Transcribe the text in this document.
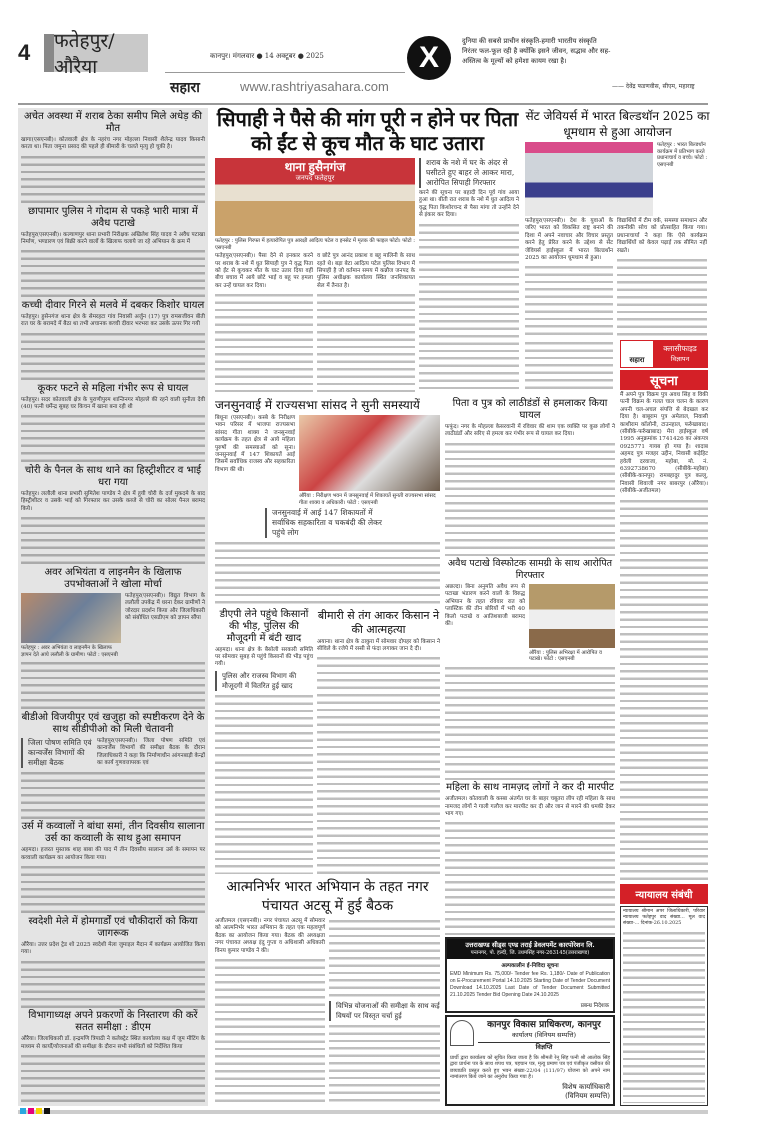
4	फतेहपुर/औरैया	कानपुर। मंगलवार ● 14 अक्टूबर ● 2025
सहारा	www.rashtriyasahara.com
X	दुनिया की सबसे प्राचीन संस्कृति-हमारी भारतीय संस्कृति निरंतर फल-फूल रही है क्योंकि इसने जीवन, सद्भाव और सह-अस्तित्व के मूल्यों को हमेशा कायम रखा है।
—— देवेंद्र फडणवीस, सीएम, महाराष्ट्र
अचेत अवस्था में शराब ठेका समीप मिले अधेड़ की मौत
खागा(एसएनबी)। कोतवाली क्षेत्र के नहरंच नगर मोहल्ला निवासी शैलेन्द्र यादव किसानी करता था। पिता जमुना प्रसाद की पहले ही बीमारी के चलते मृत्यु हो चुकी है।
छापामार पुलिस ने गोदाम से पकड़े भारी मात्रा में अवैध पटाखे
फतेहपुर(एसएनबी)। कल्याणपुर थाना प्रभारी निरीक्षक अखिलेश सिंह यादव ने अवैध पटाखा निर्माण, भण्डारण एवं बिक्री करने वालों के खिलाफ चलाये जा रहे अभियान के क्रम में
कच्ची दीवार गिरने से मलवे में दबकर किशोर घायल
फतेहपुर। हुसेनगंज थाना क्षेत्र के सेमरहटा गांव निवासी अर्जुन (17) पुत्र रामसजीवन बीती रात घर के बरामदे में बैठा था तभी अचानक कच्ची दीवार भरभरा कर उसके ऊपर गिर गयी
कूकर फटने से महिला गंभीर रूप से घायल
फतेहपुर। सदर कोतवाली क्षेत्र के पुराणीपुरम शान्तिनगर मोहल्ले की रहने वाली सुनीता देवी (40) पत्नी धर्मेन्द्र सुबह घर किचन में खाना बना रही थी
चोरी के पैनल के साथ थाने का हिस्ट्रीशीटर व भाई धरा गया
फतेहपुर। ललौली थाना प्रभारी सुमितेश पाण्डेय ने क्षेत्र में हुयी चोरी के दर्ज मुकदमे के बाद हिस्ट्रीशीटर व उसके भाई को गिरफ्तार कर उसके कब्जे से चोरी का सोलर पैनल बरामद किये।
अवर अभियंता व लाइनमैन के खिलाफ उपभोक्ताओं ने खोला मोर्चा
फतेहपुर : अवर अभियंता व लाइनमैन के खिलाफ ज्ञापन देते आये ललौली के ग्रामीण। फोटो : एसएनबी
फतेहपुर(एसएनबी)। विद्युत विभाग के ललौली उपकेंद्र में धरना देकर ग्रामीणों ने जोरदार प्रदर्शन किया और जिलाधिकारी को संबोधित एसडीएम को ज्ञापन सौंपा
बीडीओ विजयीपुर एवं खजुहा को स्पष्टीकरण देने के साथ सीडीपीओ को मिली चेतावनी
जिला पोषण समिति एवं कान्वर्जेंस विभागों की समीक्षा बैठक
फतेहपुर(एसएनबी)। जिला पोषण समिति एवं कान्वर्जेंस विभागों की समीक्षा बैठक के दौरान जिलाधिकारी ने कहा कि निर्माणाधीन आंगनबाड़ी केन्द्रों का कार्य गुणवत्तापरक एवं
उर्स में कव्वालों ने बांधा समां, तीन दिवसीय सालाना उर्स का कव्वाली के साथ हुआ समापन
अहमदा। हजरत मुस्ताक शाह बाबा की याद में तीन दिवसीय सालाना उर्स के समापन पर कव्वाली कार्यक्रम का आयोजन किया गया।
स्वदेशी मेले में होमगार्डों एवं चौकीदारों को किया जागरूक
औरैया। उत्तर प्रदेश ट्रेड शो 2025 स्वदेशी मेला जुमाइल मैदान में कार्यक्रम आयोजित किया गया।
विभागाध्यक्ष अपने प्रकरणों के निस्तारण की करें सतत समीक्षा : डीएम
औरैया। जिलाधिकारी डॉ. इन्द्रमणि त्रिपाठी ने कलेक्ट्रेट स्थित कार्यालय कक्ष में जूम मीटिंग के माध्यम से कार्यों/योजनाओं की समीक्षा के दौरान सभी संबंधितों को निर्देशित किया
सिपाही ने पैसे की मांग पूरी न होने पर पिता को ईंट से कूच मौत के घाट उतारा
थाना हुसैनगंज
जनपद फतेहपुर
फतेहपुर : पुलिस गिरफ्त में हत्यारोपित पुत्र आरक्षी आदित्य पटेल व इनसेट में मृतक की फाइल फोटो। फोटो : एसएनबी
फतेहपुर(एसएनबी)। पैसा देने से इनकार करने पर शराब के नशे में धुत सिपाही पुत्र ने वृद्ध पिता को ईंट से कूचकर मौत के घाट उतार दिया वहीं बीच बचाव में आये छोटे भाई व बहू पर हमला कर उन्हें घायल कर दिया।
व छोटे पुत्र आनंद प्रकाश व बहू मालिनी के साथ रहते थे। बड़ा बेटा आदित्य पटेल पुलिस विभाग में सिपाही है जो वर्तमान समय में कन्नौज जनपद के पुलिस अधीक्षक कार्यालय स्थित जनशिकायत सेल में तैनात है।
शराब के नशे में घर के अंदर से घसीटते हुए बाहर ले आकर मारा, आरोपित सिपाही गिरफ्तार
करने की सूचना पर बहादी दिन पूर्व गांव आया हुआ था। बीती रात शराब के नशे में धुत आदित्य ने वृद्ध पिता किशोरचन्द से पैसा मांगा तो उन्होंने देने से इंकार कर दिया।
सेंट जेवियर्स में भारत बिल्डथॉन 2025 का धूमधाम से हुआ आयोजन
फतेहपुर : भारत बिल्डथॉन कार्यक्रम में प्रतिभाग करते प्रधानाचार्य व बच्चे। फोटो : एसएनबी
फतेहपुर(एसएनबी)। देश के युवाओं के जरिए भारत को विकसित राष्ट्र बनाने की दिशा में अपने नवाचार और विचार प्रस्तुत करने हेतु प्रेरित करने के उद्देश्य से सेंट जेवियर्स हाईस्कूल में भारत बिल्डथॉन 2025 का आयोजन धूमधाम से हुआ।
विद्यार्थियों में टीम वर्क, समस्या समाधान और तकनीकी सोच को प्रोत्साहित किया गया। प्रधानाचार्या ने कहा कि ऐसे कार्यक्रम विद्यार्थियों को केवल पढ़ाई तक सीमित नहीं रखते।
सहारा
क्लासीफाइड
विज्ञापन
सूचना
मैं अपने पुत्र विक्रम पुत्र अवध सिंह व विकी पत्नी विक्रम के गलत चाल चलन के कारण अपनी चल-अचल संपत्ति से बेदखल कर दिया है। बाबूराम पुत्र अमेलाल, निवासी काशीराम कॉलोनी, टाउनहाल, फर्रुखाबाद। (सीबीके-फर्रुखाबाद) मेरा हाईस्कूल वर्ष 1995 अनुक्रमांक 1741426 का अंकपत्र 0925771 गायब हो गया है। शादाब अहमद पुत्र मजहर उद्दीन, निवासी कड़ेहिट हवेली दरवाजा, महोबा, मो. नं. 6392738670 (सीबीके-महोबा) (सीबीके-कानपुर) रामबहादुर पुत्र कल्लू, निवासी शिवाजी नगर बाबरपुर (औरैया)। (सीबीके-अजीतमल)
न्यायालय संबंधी
न्यायालय श्रीमान अपर जिलाधिकारी, परिवार न्यायालय फतेहपुर वाद संख्या... मूल वाद संख्या-... दिनांक-26.10.2025
जनसुनवाई में राज्यसभा सांसद ने सुनी समस्यायें
बिधूना (एसएनबी)। कस्बे के निरीक्षण भवन परिसर में भाजपा राज्यसभा सांसद गीता शाक्य ने जनसुनवाई कार्यक्रम के तहत क्षेत्र से आये महिला पुरुषों की समस्याओं को सुना। जनसुनवाई में 147 शिकायतें आई जिसमें सर्वाधिक राजस्व और सहकारिता विभाग की थी।
औरैया : निरीक्षण भवन में जनसुनवाई में शिकायतें सुनती राज्यसभा सांसद गीता शाक्य व अधिकारी। फोटो : एसएनबी
जनसुनवाई में आई 147 शिकायतों में सर्वाधिक सहकारिता व चकबंदी की लेकर पहुंचे लोग
डीएपी लेने पहुंचे किसानों की भीड़, पुलिस की मौजूदगी में बंटी खाद
अहमदा। थाना क्षेत्र के बैसोली सरकारी समिति पर सोमवार सुबह से पहुंचे किसानों की भीड़ पहुंच गयी।
पुलिस और राजस्व विभाग की मौजूदगी में वितरित हुई खाद
बीमारी से तंग आकर किसान ने की आत्महत्या
अयाना। थाना क्षेत्र के ठाकुरा में सोमवार दोपहर को किसान ने सीविले के रजेपे में रस्सी से फंदा लगाकर जान दे दी।
आत्मनिर्भर भारत अभियान के तहत नगर पंचायत अटसू में हुई बैठक
अजीतमल (एसएनबी)। नगर पंचायत अटसू में सोमवार को आत्मनिर्भर भारत अभियान के तहत एक महत्वपूर्ण बैठक का आयोजन किया गया। बैठक की अध्यक्षता नगर पंचायत अध्यक्ष इंदु गुप्ता व अधिशासी अधिकारी विनय कुमार पाण्डेय ने की।
विभिन्न योजनाओं की समीक्षा के साथ कई विषयों पर विस्तृत चर्चा हुई
पिता व पुत्र को लाठीडंडों से हमलाकर किया घायल
फफूंद। नगर के मोहल्ला केसरवानी में रविवार की शाम एक व्यक्ति पर कुछ लोगों ने लाठीडंडों और सरिए से हमला कर गंभीर रूप से घायल कर दिया।
अवैध पटाखे विस्फोटक सामग्री के साथ आरोपित गिरफ्तार
अछल्दा। बिना अनुमति अवैध रूप से पटाखा भंडारण करने वालों के विरुद्ध अभियान के तहत रविवार रात को प्लास्टिक की तीन बोरियों में भरी 40 किलो पटाखे व आतिशबाजी बरामद की।
औरैया : पुलिस अभिरक्षा में आरोपित व पटाखे। फोटो : एसएनबी
महिला के साथ नामज़द लोगों ने कर दी मारपीट
अजीतमल। कोतवाली के कस्बा अंतर्गत घर के बाहर चबूतरा लीप रही महिला के साथ नामजद लोगों ने गाली गलौज कर मारपीट कर दी और जान से मारने की धमकी देकर भाग गए।
उत्तराखण्ड सीड्स एण्ड तराई डेवलपमेंट कारपोरेशन लि.
पन्तनगर, पो. हल्दी, जि. उधमसिंह नगर-263145(उत्तराखण्ड)
अल्पकालीन ई-निविदा सूचना
EMD Minimum Rs. 75,000/- Tender fee Rs. 1,180/- Date of Publication on E-Procurement Portal 14.10.2025 Starting Date of Tender Document Download 14.10.2025 Last Date of Tender Document Submitted 21.10.2025 Tender Bid Opening Date 24.10.2025
प्रबन्ध निदेशक
कानपुर विकास प्राधिकरण, कानपुर
कार्यालय (विनियम सम्पत्ति)
विज्ञप्ति
प्रार्थी द्वारा कार्यालय को सूचित किया जाता है कि श्रीमती रेनू सिंह पत्नी श्री आलोक सिंह द्वारा प्रार्थना पत्र के साथ शपथ पत्र, पहचान पत्र, मृत्यु प्रमाण पत्र एवं पंजीकृत वसीयत की छायाप्रति प्रस्तुत करते हुए भवन संख्या-22/04 (111/97) योजना को अपने नाम नामांतरण किये जाने का अनुरोध किया गया है।
विशेष कार्याधिकारी
(विनियम सम्पत्ति)
